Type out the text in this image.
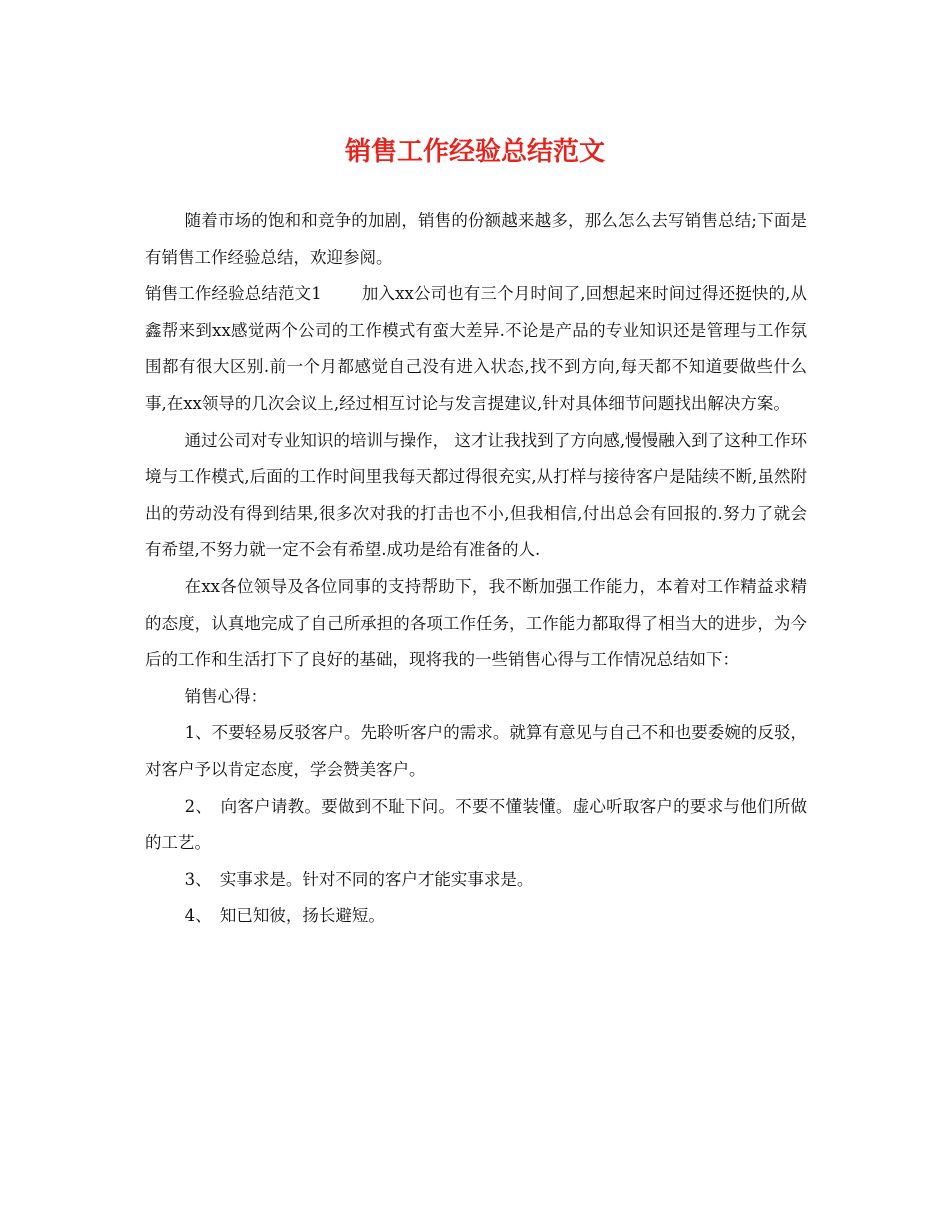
销售工作经验总结范文

随着市场的饱和和竞争的加剧，销售的份额越来越多，那么怎么去写销售总结;下面是有销售工作经验总结，欢迎参阅。

销售工作经验总结范文1 加入xx公司也有三个月时间了,回想起来时间过得还挺快的,从鑫帮来到xx感觉两个公司的工作模式有蛮大差异.不论是产品的专业知识还是管理与工作氛围都有很大区别.前一个月都感觉自己没有进入状态,找不到方向,每天都不知道要做些什么事,在xx领导的几次会议上,经过相互讨论与发言提建议,针对具体细节问题找出解决方案。

通过公司对专业知识的培训与操作， 这才让我找到了方向感,慢慢融入到了这种工作环境与工作模式,后面的工作时间里我每天都过得很充实,从打样与接待客户是陆续不断,虽然附出的劳动没有得到结果,很多次对我的打击也不小,但我相信,付出总会有回报的.努力了就会有希望,不努力就一定不会有希望.成功是给有准备的人.

在xx各位领导及各位同事的支持帮助下，我不断加强工作能力，本着对工作精益求精的态度，认真地完成了自己所承担的各项工作任务，工作能力都取得了相当大的进步，为今后的工作和生活打下了良好的基础，现将我的一些销售心得与工作情况总结如下：

销售心得：

1、不要轻易反驳客户。先聆听客户的需求。就算有意见与自己不和也要委婉的反驳，对客户予以肯定态度，学会赞美客户。

2、　向客户请教。要做到不耻下问。不要不懂装懂。虚心听取客户的要求与他们所做的工艺。

3、　实事求是。针对不同的客户才能实事求是。

4、　知已知彼，扬长避短。
